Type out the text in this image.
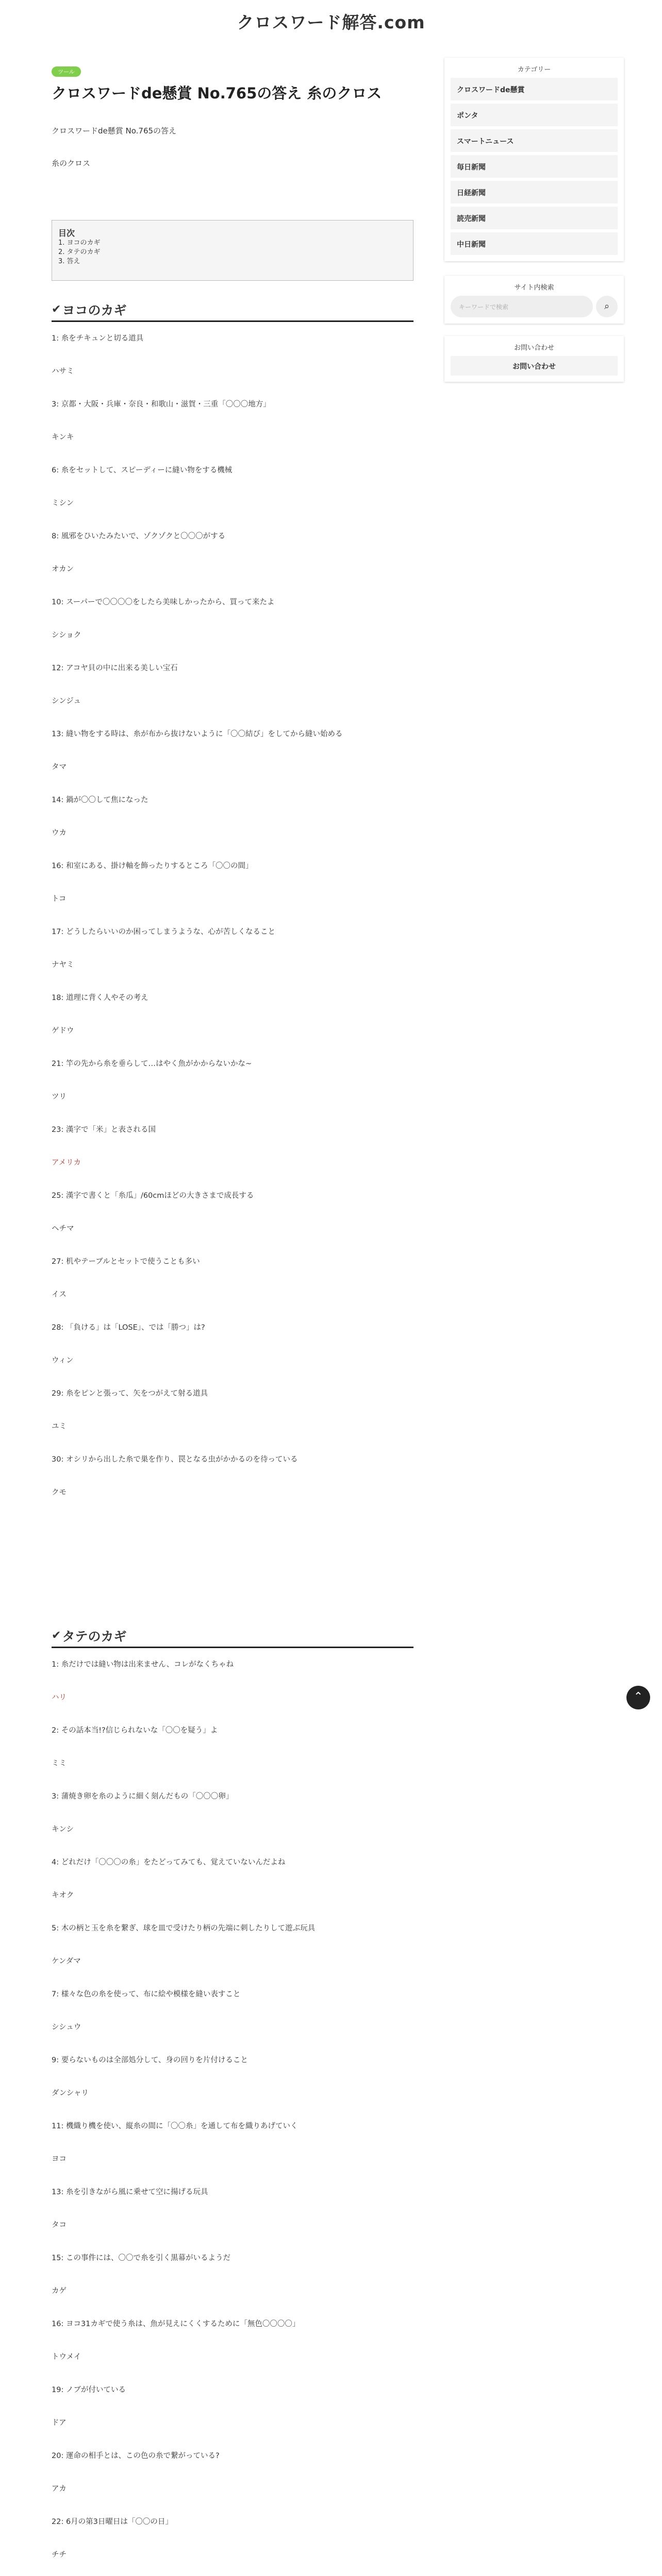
クロスワード解答.com
ツール
クロスワードde懸賞 No.765の答え 糸のクロス

クロスワードde懸賞 No.765の答え

糸のクロス

目次
1. ヨコのカギ
2. タテのカギ
3. 答え
✔ ヨコのカギ

1: 糸をチキュンと切る道具

ハサミ

3: 京都・大阪・兵庫・奈良・和歌山・滋賀・三重「〇〇〇地方」

キンキ

6: 糸をセットして、スピーディーに縫い物をする機械

ミシン

8: 風邪をひいたみたいで、ゾクゾクと〇〇〇がする

オカン

10: スーパーで〇〇〇〇をしたら美味しかったから、買って来たよ

シショク

12: アコヤ貝の中に出来る美しい宝石

シンジュ

13: 縫い物をする時は、糸が布から抜けないように「〇〇結び」をしてから縫い始める

タマ

14: 鍋が〇〇して焦になった

ウカ

16: 和室にある、掛け軸を飾ったりするところ「〇〇の間」

トコ

17: どうしたらいいのか困ってしまうような、心が苦しくなること

ナヤミ

18: 道理に背く人やその考え

ゲドウ

21: 竿の先から糸を垂らして…はやく魚がかからないかな~

ツリ

23: 漢字で「米」と表される国

アメリカ

25: 漢字で書くと「糸瓜」/60cmほどの大きさまで成長する

ヘチマ

27: 机やテーブルとセットで使うことも多い

イス

28: 「負ける」は「LOSE」、では「勝つ」は?

ウィン

29: 糸をピンと張って、矢をつがえて射る道具

ユミ

30: オシリから出した糸で巣を作り、罠となる虫がかかるのを待っている

クモ

✔ タテのカギ

1: 糸だけでは縫い物は出来ません、コレがなくちゃね

ハリ

2: その話本当!?信じられないな「〇〇を疑う」よ

ミミ

3: 蒲焼き卵を糸のように細く刻んだもの「〇〇〇卵」

キンシ

4: どれだけ「〇〇〇の糸」をたどってみても、覚えていないんだよね

キオク

5: 木の柄と玉を糸を繋ぎ、球を皿で受けたり柄の先端に刺したりして遊ぶ玩具

ケンダマ

7: 様々な色の糸を使って、布に絵や模様を縫い表すこと

シシュウ

9: 要らないものは全部処分して、身の回りを片付けること

ダンシャリ

11: 機織り機を使い、縦糸の間に「〇〇糸」を通して布を織りあげていく

ヨコ

13: 糸を引きながら風に乗せて空に揚げる玩具

タコ

15: この事件には、〇〇で糸を引く黒幕がいるようだ

カゲ

16: ヨコ31カギで使う糸は、魚が見えにくくするために「無色〇〇〇〇」

トウメイ

19: ノブが付いている

ドア

20: 運命の相手とは、この色の糸で繋がっている?

アカ

22: 6月の第3日曜日は「〇〇の日」

チチ

カテゴリー
クロスワードde懸賞
ポンタ
スマートニュース
毎日新聞
日経新聞
読売新聞
中日新聞
サイト内検索
キーワードで検索	⌕
お問い合わせ
お問い合わせ
⌃
